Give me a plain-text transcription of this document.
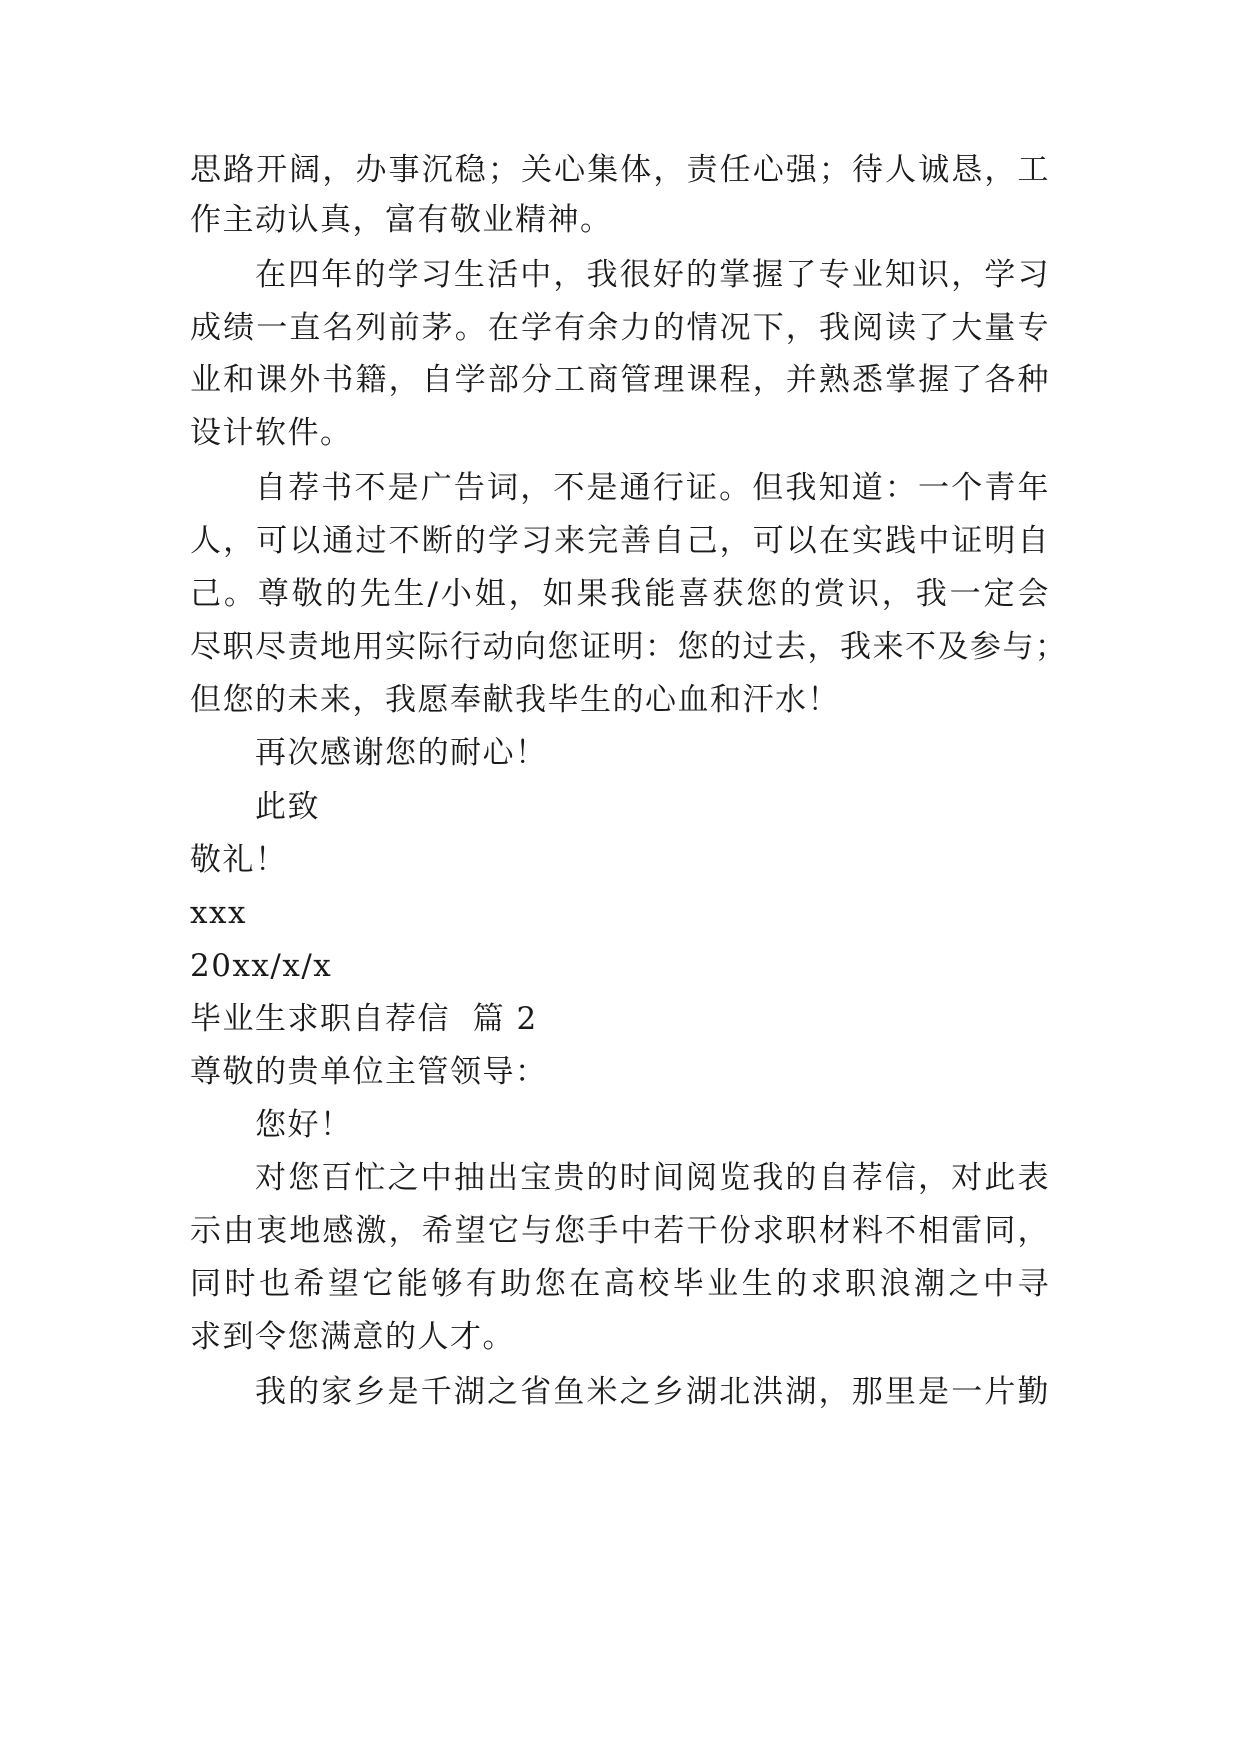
思路开阔，办事沉稳；关心集体，责任心强；待人诚恳，工
作主动认真，富有敬业精神。
在四年的学习生活中，我很好的掌握了专业知识，学习
成绩一直名列前茅。在学有余力的情况下，我阅读了大量专
业和课外书籍，自学部分工商管理课程，并熟悉掌握了各种
设计软件。
自荐书不是广告词，不是通行证。但我知道：一个青年
人，可以通过不断的学习来完善自己，可以在实践中证明自
己。尊敬的先生/小姐，如果我能喜获您的赏识，我一定会
尽职尽责地用实际行动向您证明：您的过去，我来不及参与；
但您的未来，我愿奉献我毕生的心血和汗水！
再次感谢您的耐心！
此致
敬礼！
xxx
20xx/x/x
毕业生求职自荐信  篇 2
尊敬的贵单位主管领导：
您好！
对您百忙之中抽出宝贵的时间阅览我的自荐信，对此表
示由衷地感激，希望它与您手中若干份求职材料不相雷同，
同时也希望它能够有助您在高校毕业生的求职浪潮之中寻
求到令您满意的人才。
我的家乡是千湖之省鱼米之乡湖北洪湖，那里是一片勤
